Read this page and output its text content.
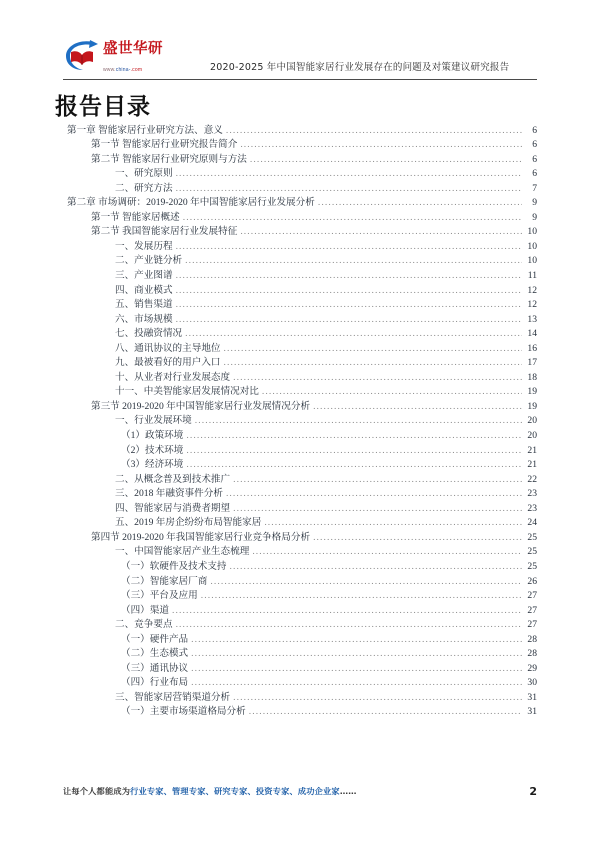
盛世华研 www.china-.com	2020-2025 年中国智能家居行业发展存在的问题及对策建议研究报告
报告目录
第一章 智能家居行业研究方法、意义 .....	6
第一节 智能家居行业研究报告简介 .....	6
第二节 智能家居行业研究原则与方法 .....	6
一、研究原则 .....	6
二、研究方法 .....	7
第二章 市场调研：2019-2020 年中国智能家居行业发展分析 .....	9
第一节 智能家居概述 .....	9
第二节 我国智能家居行业发展特征 .....	10
一、发展历程 .....	10
二、产业链分析 .....	10
三、产业图谱 .....	11
四、商业模式 .....	12
五、销售渠道 .....	12
六、市场规模 .....	13
七、投融资情况 .....	14
八、通讯协议的主导地位 .....	16
九、最被看好的用户入口 .....	17
十、从业者对行业发展态度 .....	18
十一、中美智能家居发展情况对比 .....	19
第三节 2019-2020 年中国智能家居行业发展情况分析 .....	19
一、行业发展环境 .....	20
（1）政策环境 .....	20
（2）技术环境 .....	21
（3）经济环境 .....	21
二、从概念普及到技术推广 .....	22
三、2018 年融资事件分析 .....	23
四、智能家居与消费者期望 .....	23
五、2019 年房企纷纷布局智能家居 .....	24
第四节 2019-2020 年我国智能家居行业竞争格局分析 .....	25
一、中国智能家居产业生态梳理 .....	25
（一）软硬件及技术支持 .....	25
（二）智能家居厂商 .....	26
（三）平台及应用 .....	27
（四）渠道 .....	27
二、竞争要点 .....	27
（一）硬件产品 .....	28
（二）生态模式 .....	28
（三）通讯协议 .....	29
（四）行业布局 .....	30
三、智能家居营销渠道分析 .....	31
（一）主要市场渠道格局分析 .....	31
让每个人都能成为行业专家、管理专家、研究专家、投资专家、成功企业家……	2
